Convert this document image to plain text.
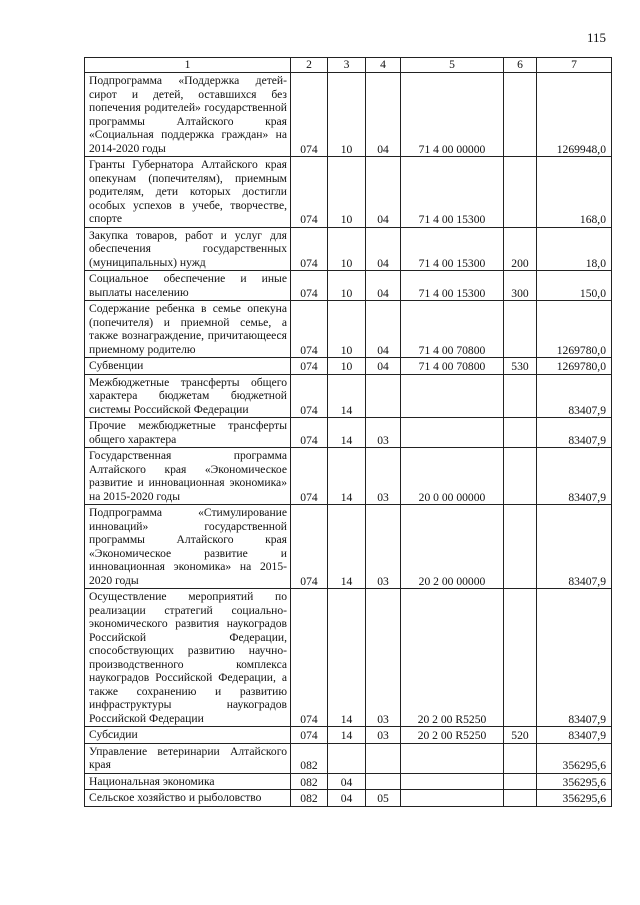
115
1	2	3	4	5	6	7
Подпрограмма «Поддержка детей-сирот и детей, оставшихся без попечения родителей» государственной программы Алтайского края «Социальная поддержка граждан» на 2014-2020 годы	074	10	04	71 4 00 00000		1269948,0
Гранты Губернатора Алтайского края опекунам (попечителям), приемным родителям, дети которых достигли особых успехов в учебе, творчестве, спорте	074	10	04	71 4 00 15300		168,0
Закупка товаров, работ и услуг для обеспечения государственных (муниципальных) нужд	074	10	04	71 4 00 15300	200	18,0
Социальное обеспечение и иные выплаты населению	074	10	04	71 4 00 15300	300	150,0
Содержание ребенка в семье опекуна (попечителя) и приемной семье, а также вознаграждение, причитающееся приемному родителю	074	10	04	71 4 00 70800		1269780,0
Субвенции	074	10	04	71 4 00 70800	530	1269780,0
Межбюджетные трансферты общего характера бюджетам бюджетной системы Российской Федерации	074	14				83407,9
Прочие межбюджетные трансферты общего характера	074	14	03			83407,9
Государственная программа Алтайского края «Экономическое развитие и инновационная экономика» на 2015-2020 годы	074	14	03	20 0 00 00000		83407,9
Подпрограмма «Стимулирование инноваций» государственной программы Алтайского края «Экономическое развитие и инновационная экономика» на 2015-2020 годы	074	14	03	20 2 00 00000		83407,9
Осуществление мероприятий по реализации стратегий социально-экономического развития наукоградов Российской Федерации, способствующих развитию научно-производственного комплекса наукоградов Российской Федерации, а также сохранению и развитию инфраструктуры наукоградов Российской Федерации	074	14	03	20 2 00 R5250		83407,9
Субсидии	074	14	03	20 2 00 R5250	520	83407,9
Управление ветеринарии Алтайского края	082					356295,6
Национальная экономика	082	04				356295,6
Сельское хозяйство и рыболовство	082	04	05			356295,6
